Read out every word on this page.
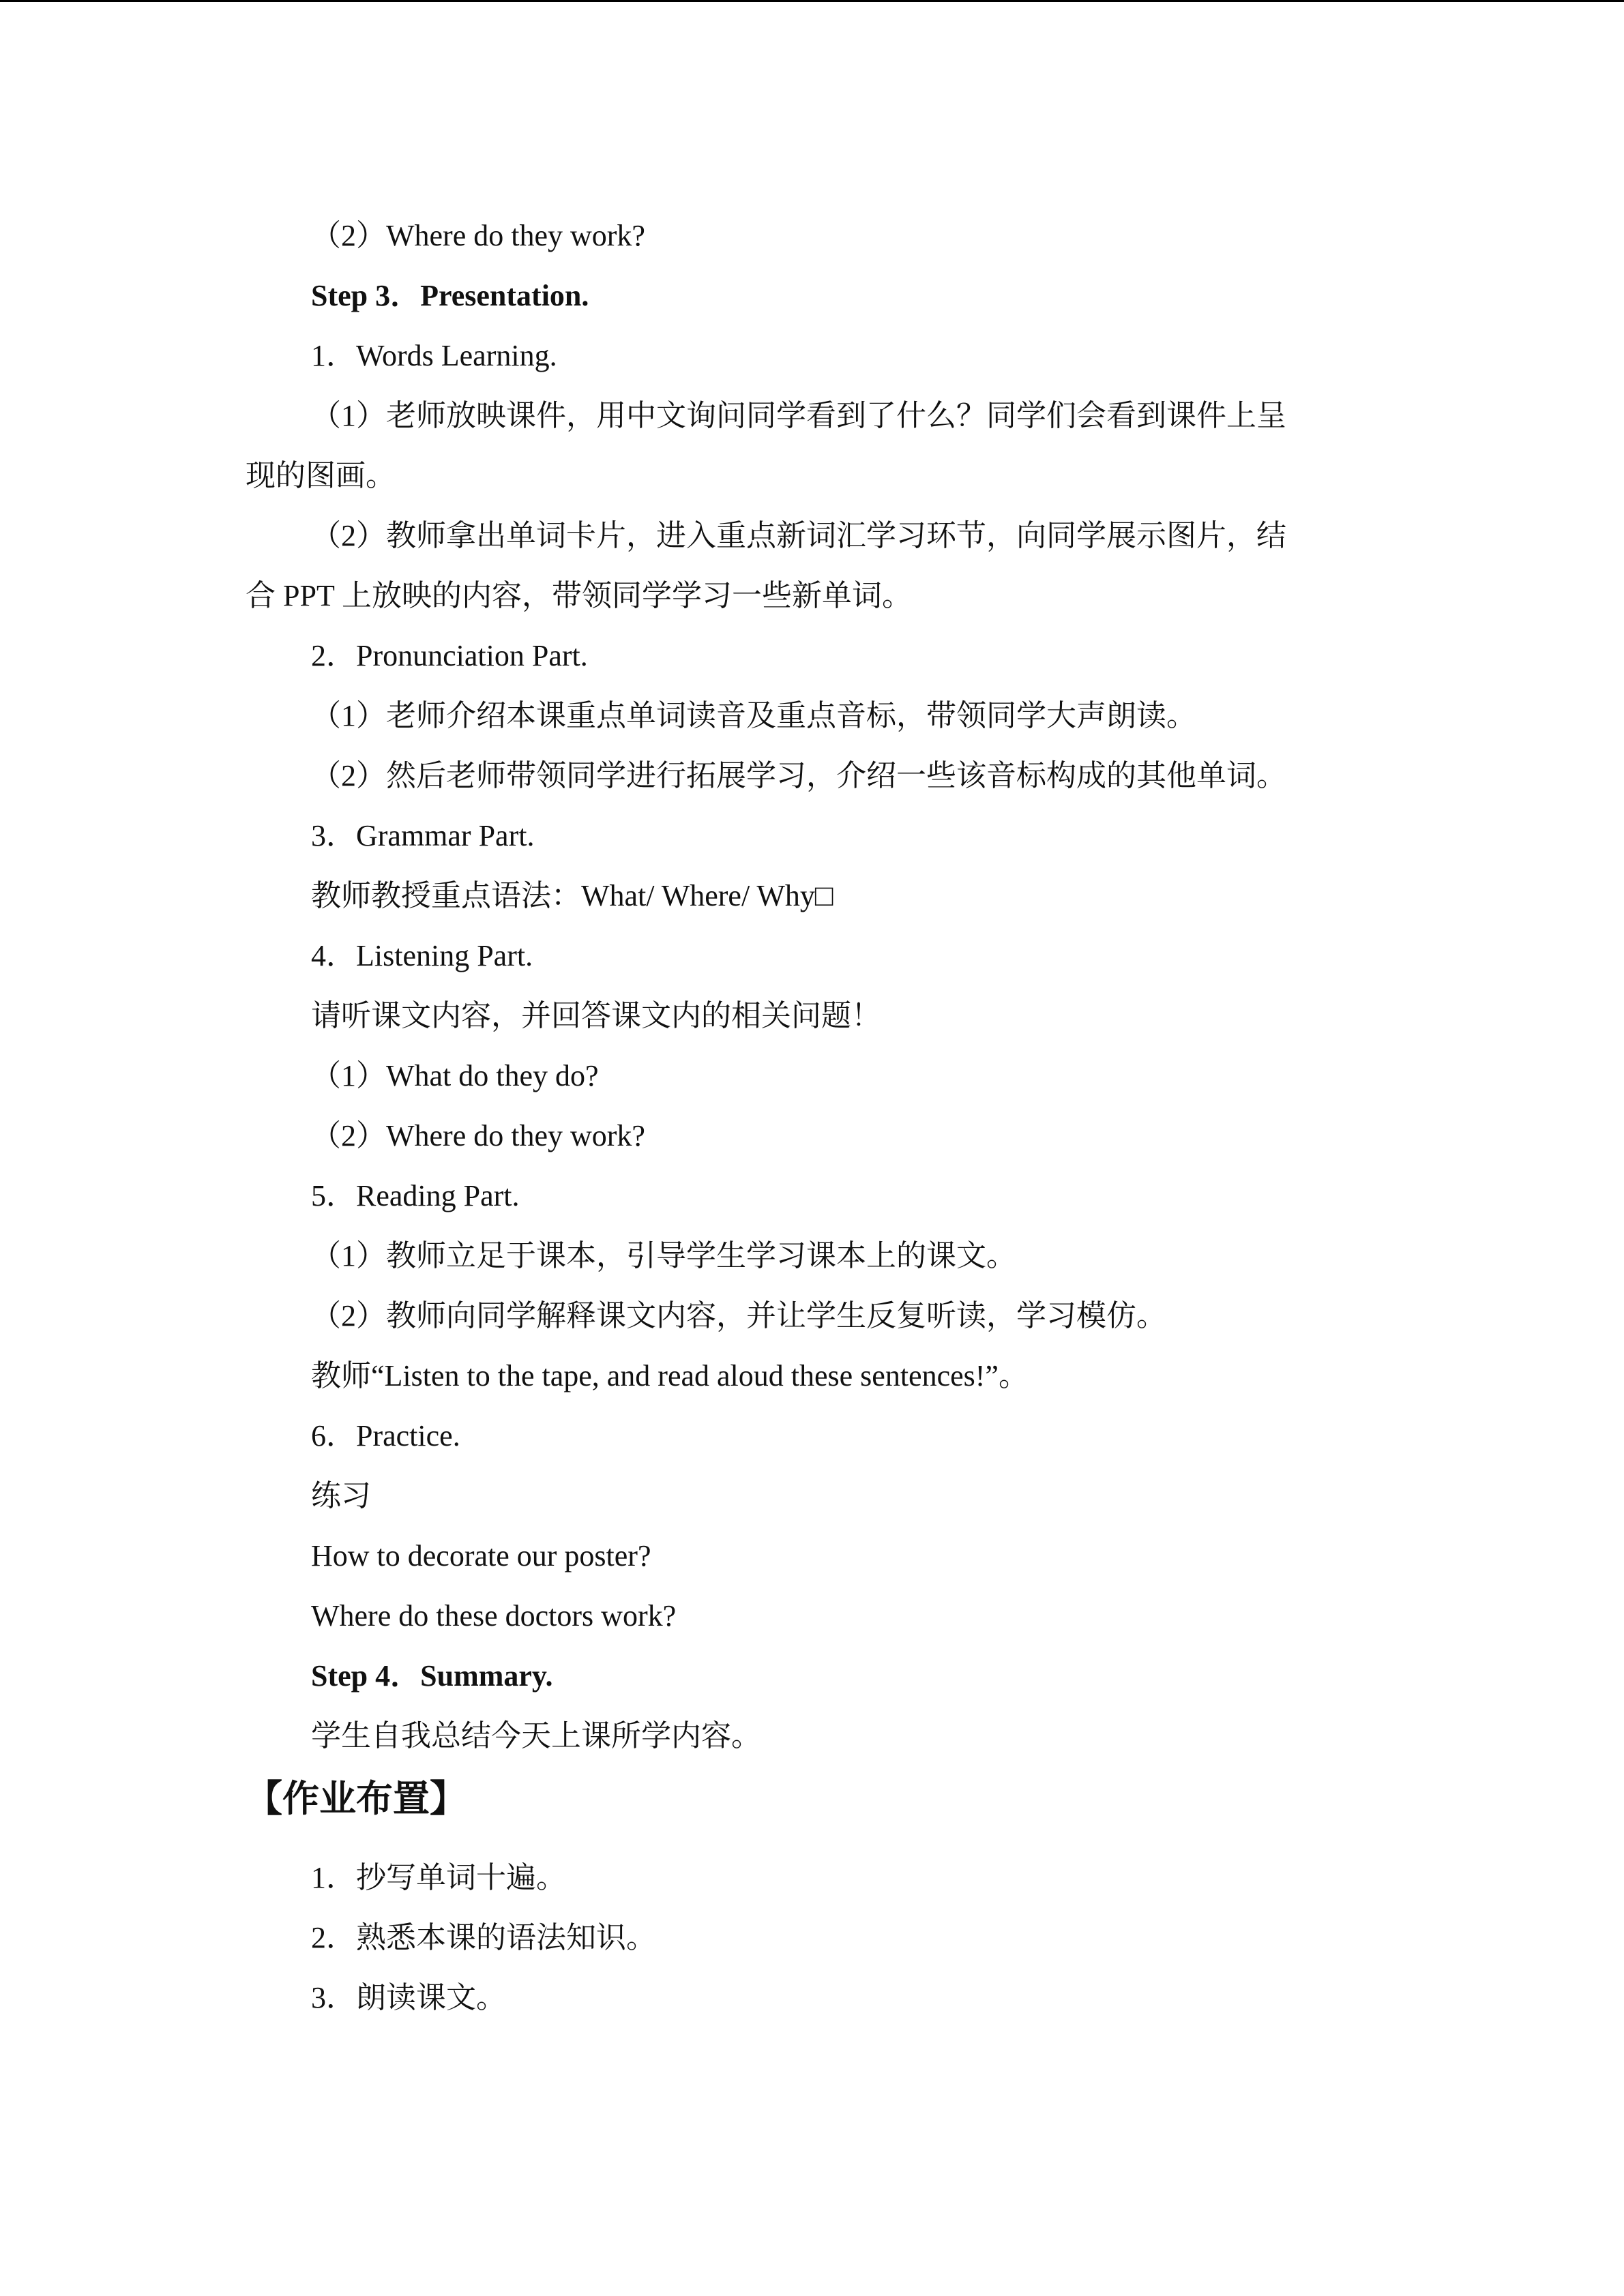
（2）Where do they work?
Step 3．Presentation.
1．Words Learning.
（1）老师放映课件，用中文询问同学看到了什么？同学们会看到课件上呈
现的图画。
（2）教师拿出单词卡片，进入重点新词汇学习环节，向同学展示图片，结
合 PPT 上放映的内容，带领同学学习一些新单词。
2．Pronunciation Part.
（1）老师介绍本课重点单词读音及重点音标，带领同学大声朗读。
（2）然后老师带领同学进行拓展学习，介绍一些该音标构成的其他单词。
3．Grammar Part.
教师教授重点语法：What/ Where/ Why□
4．Listening Part.
请听课文内容，并回答课文内的相关问题！
（1）What do they do?
（2）Where do they work?
5．Reading Part.
（1）教师立足于课本，引导学生学习课本上的课文。
（2）教师向同学解释课文内容，并让学生反复听读，学习模仿。
教师“Listen to the tape, and read aloud these sentences!”。
6．Practice.
练习
How to decorate our poster?
Where do these doctors work?
Step 4．Summary.
学生自我总结今天上课所学内容。
【作业布置】
1．抄写单词十遍。
2．熟悉本课的语法知识。
3．朗读课文。
